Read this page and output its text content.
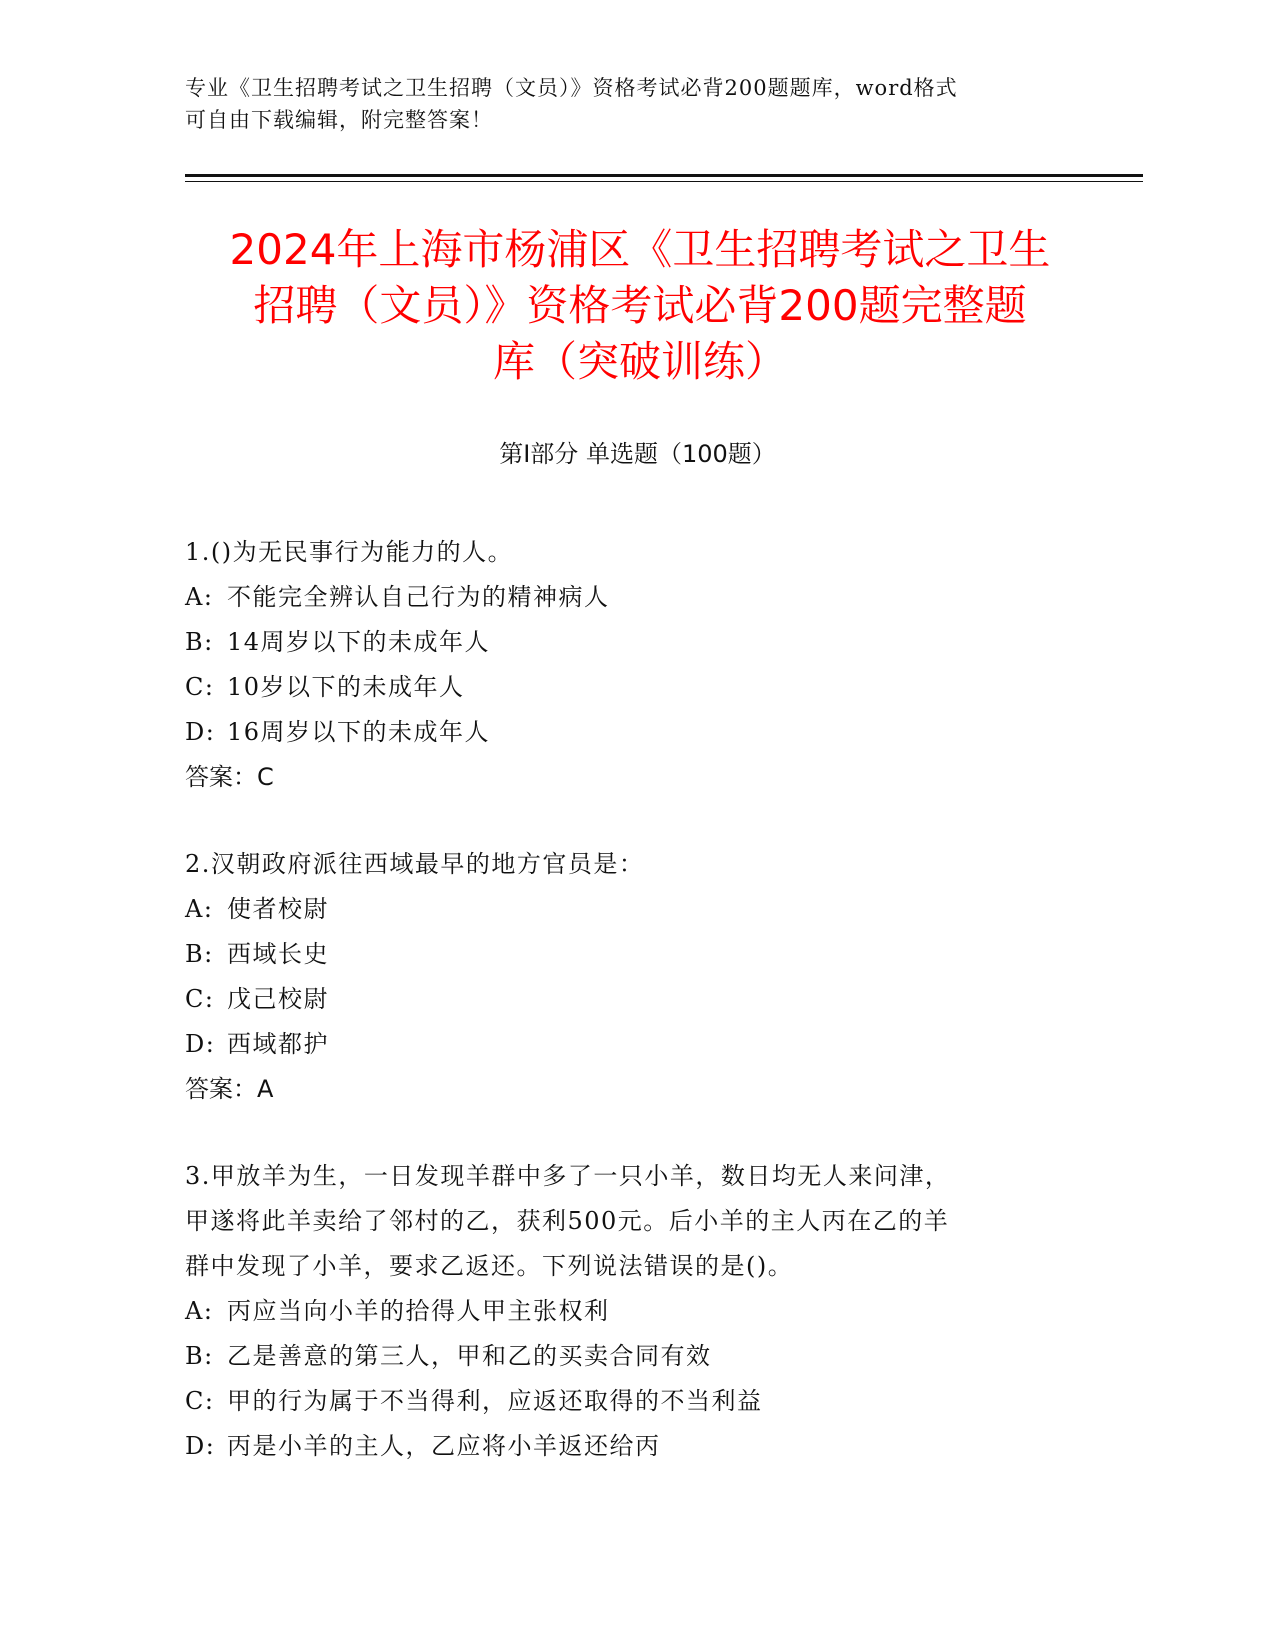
专业《卫生招聘考试之卫生招聘（文员）》资格考试必背200题题库，word格式
可自由下载编辑，附完整答案！
2024年上海市杨浦区《卫生招聘考试之卫生
招聘（文员）》资格考试必背200题完整题
库（突破训练）
第Ⅰ部分 单选题（100题）
1.()为无民事行为能力的人。
A: 不能完全辨认自己行为的精神病人
B: 14周岁以下的未成年人
C: 10岁以下的未成年人
D: 16周岁以下的未成年人
答案：C
2.汉朝政府派往西域最早的地方官员是：
A: 使者校尉
B: 西域长史
C: 戊己校尉
D: 西域都护
答案：A
3.甲放羊为生，一日发现羊群中多了一只小羊，数日均无人来问津，
甲遂将此羊卖给了邻村的乙，获利500元。后小羊的主人丙在乙的羊
群中发现了小羊，要求乙返还。下列说法错误的是()。
A: 丙应当向小羊的拾得人甲主张权利
B: 乙是善意的第三人，甲和乙的买卖合同有效
C: 甲的行为属于不当得利，应返还取得的不当利益
D: 丙是小羊的主人，乙应将小羊返还给丙
